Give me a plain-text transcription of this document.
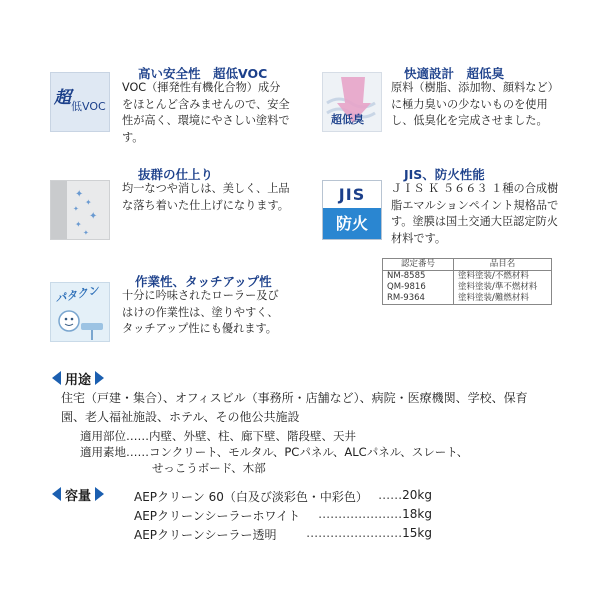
超 低VOC
高い安全性　超低VOC
VOC（揮発性有機化合物）成分をほとんど含みませんので、安全性が高く、環境にやさしい塗料です。
超低臭
快適設計　超低臭
原料（樹脂、添加物、顔料など）に極力臭いの少ないものを使用し、低臭化を完成させました。
✦
✦
✦
✦
✦
✦
抜群の仕上り
均一なつや消しは、美しく、上品な落ち着いた仕上げになります。
JIS
防火
JIS、防火性能
ＪＩＳ Ｋ ５６６３ １種の合成樹脂エマルションペイント規格品です。塗膜は国土交通大臣認定防火材料です。
認定番号	品目名
NM-8585	塗料塗装/不燃材料
QM-9816	塗料塗装/準不燃材料
RM-9364	塗料塗装/難燃材料
パタクン
作業性、タッチアップ性
十分に吟味されたローラー及びはけの作業性は、塗りやすく、タッチアップ性にも優れます。
用途
住宅（戸建・集合）、オフィスビル（事務所・店舗など）、病院・医療機関、学校、保育園、老人福祉施設、ホテル、その他公共施設
適用部位……内壁、外壁、柱、廊下壁、階段壁、天井
適用素地……コンクリート、モルタル、PCパネル、ALCパネル、スレート、
せっこうボード、木部
容量	AEPクリーン 60（白及び淡彩色・中彩色） …… 20kg
AEPクリーンシーラーホワイト	………………… 18kg
AEPクリーンシーラー透明	…………………… 15kg
